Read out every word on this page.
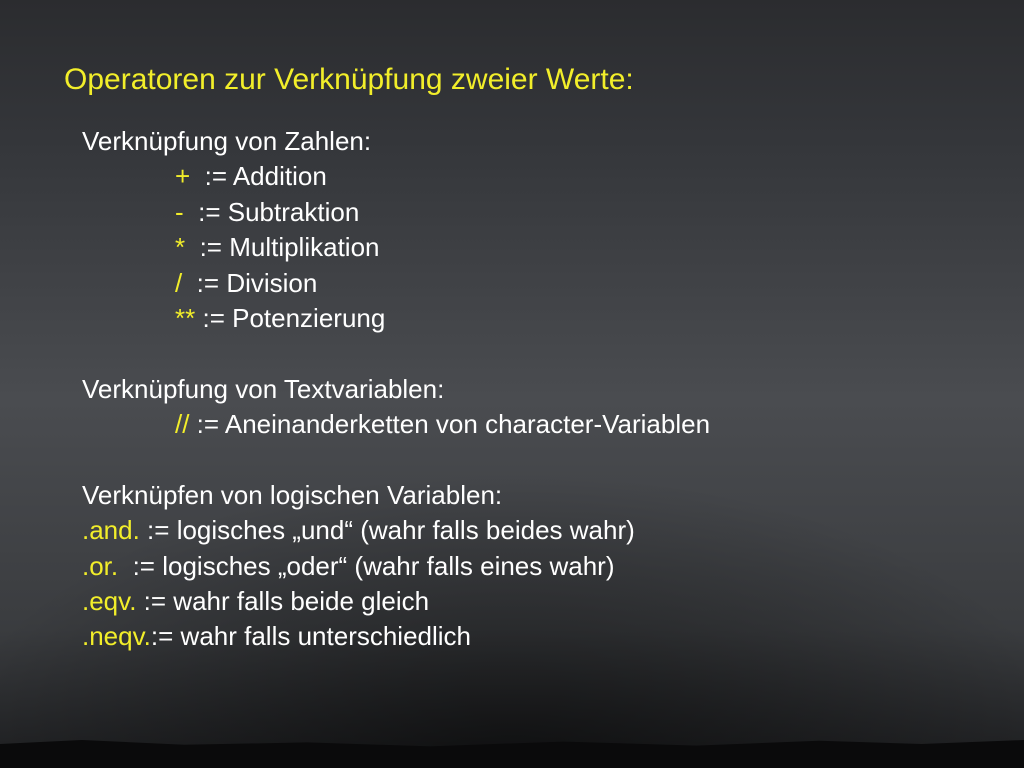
Operatoren zur Verknüpfung zweier Werte:
Verknüpfung von Zahlen:
+  := Addition
-  := Subtraktion
*  := Multiplikation
/  := Division
** := Potenzierung
Verknüpfung von Textvariablen:
// := Aneinanderketten von character-Variablen
Verknüpfen von logischen Variablen:
.and. := logisches „und“ (wahr falls beides wahr)
.or.  := logisches „oder“ (wahr falls eines wahr)
.eqv. := wahr falls beide gleich
.neqv.:= wahr falls unterschiedlich
